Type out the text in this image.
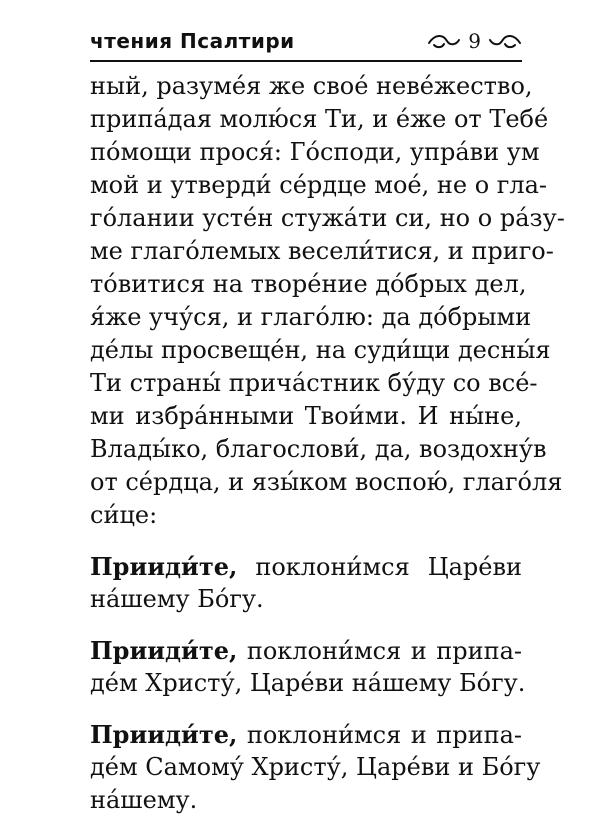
чтения Псалтири	9
ный, разуме́я же свое́ неве́жество,
припа́дая молю́ся Ти, и е́же от Тебе́
по́мощи прося́: Го́споди, упра́ви ум
мой и утверди́ се́рдце мое́, не о гла-
го́лании усте́н стужа́ти си, но о ра́зу-
ме глаго́лемых весели́тися, и приго-
то́витися на творе́ние до́брых дел,
я́же учу́ся, и глаго́лю: да до́брыми
де́лы просвеще́н, на суди́щи десны́я
Ти страны́ прича́стник бу́ду со все́-
ми избра́нными Твои́ми. И ны́не,
Влады́ко, благослови́, да, воздохну́в
от се́рдца, и язы́ком воспою́, глаго́ля
си́це:
Прииди́те, поклони́мся Царе́ви
на́шему Бо́гу.
Прииди́те, поклони́мся и припа-
де́м Христу́, Царе́ви на́шему Бо́гу.
Прииди́те, поклони́мся и припа-
де́м Самому́ Христу́, Царе́ви и Бо́гу
на́шему.
